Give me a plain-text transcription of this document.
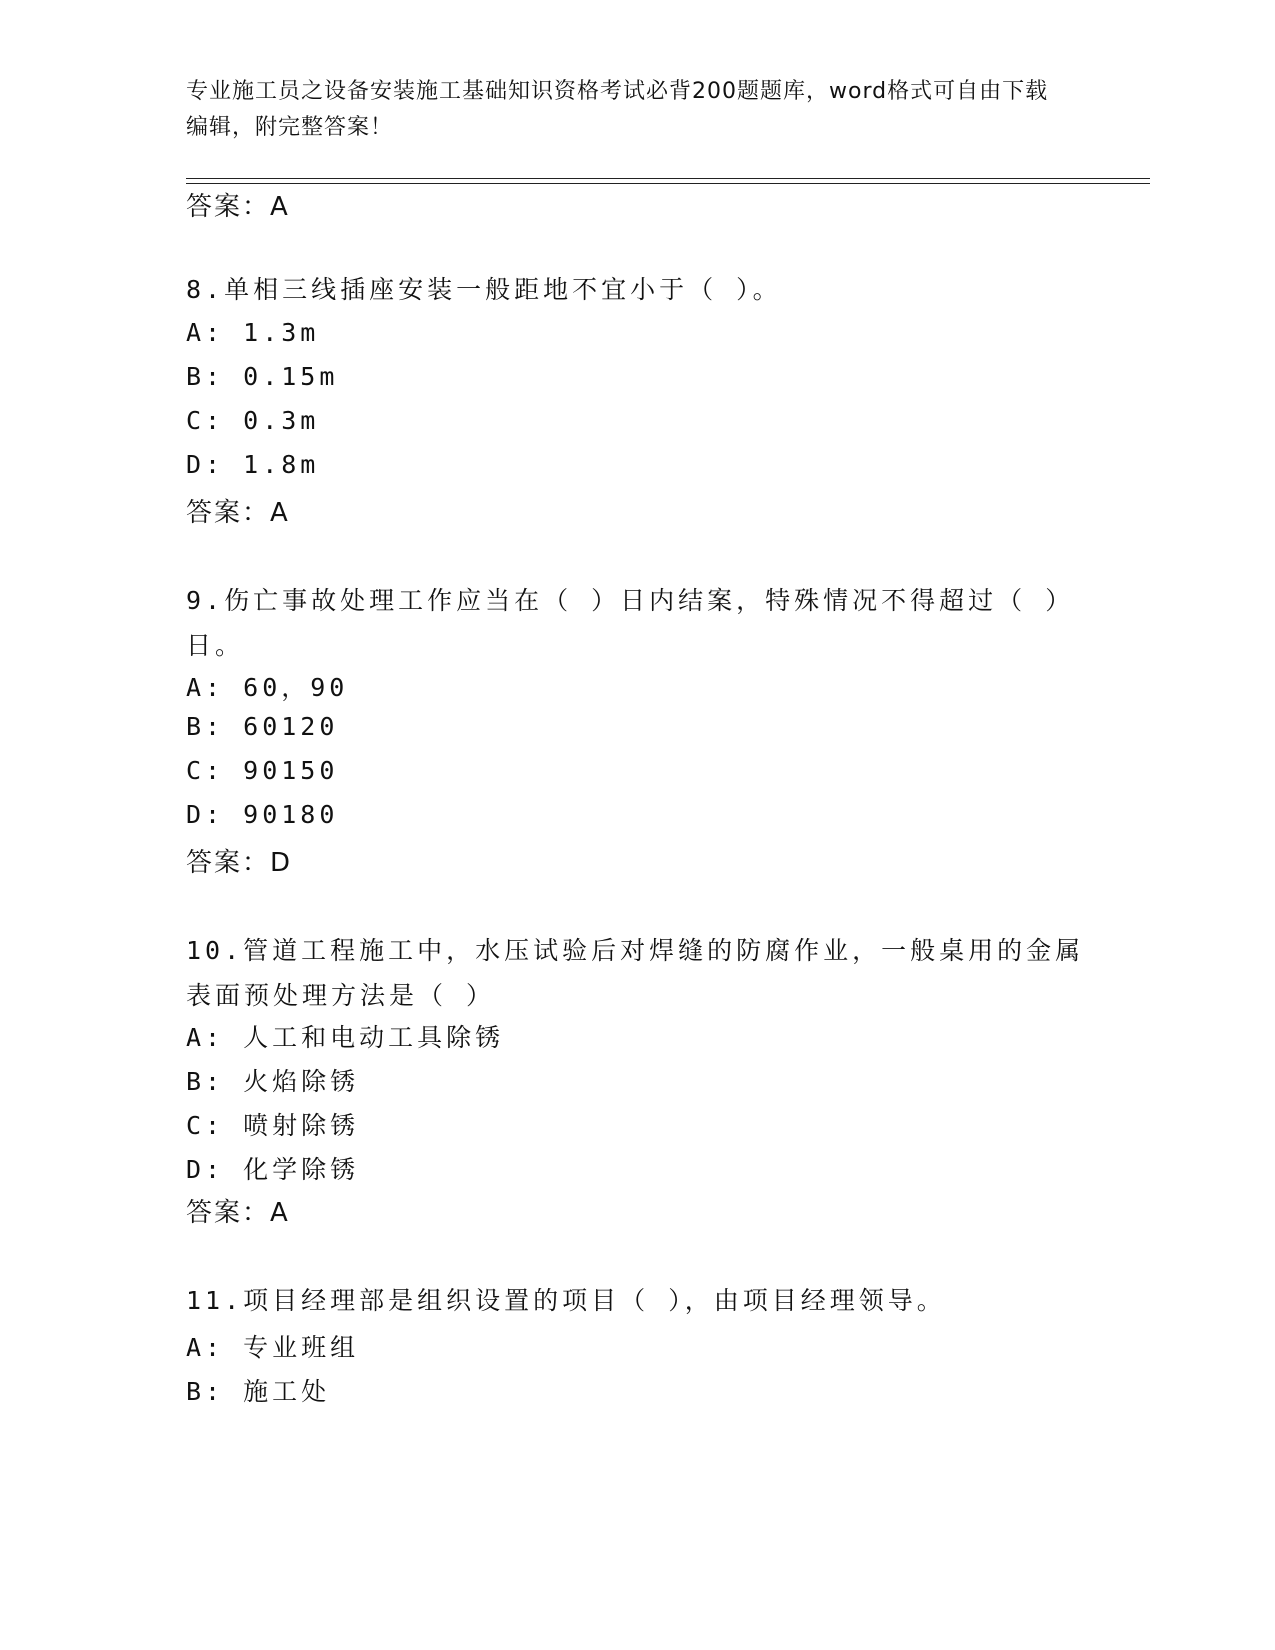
专业施工员之设备安装施工基础知识资格考试必背200题题库，word格式可自由下载编辑，附完整答案！
答案：A
8.单相三线插座安装一般距地不宜小于（ ）。
A: 1.3m
B: 0.15m
C: 0.3m
D: 1.8m
答案：A
9.伤亡事故处理工作应当在（ ）日内结案，特殊情况不得超过（ ）日。
A: 60，90
B: 60120
C: 90150
D: 90180
答案：D
10.管道工程施工中，水压试验后对焊缝的防腐作业，一般桌用的金属表面预处理方法是（ ）
A: 人工和电动工具除锈
B: 火焰除锈
C: 喷射除锈
D: 化学除锈
答案：A
11.项目经理部是组织设置的项目（ ），由项目经理领导。
A: 专业班组
B: 施工处
